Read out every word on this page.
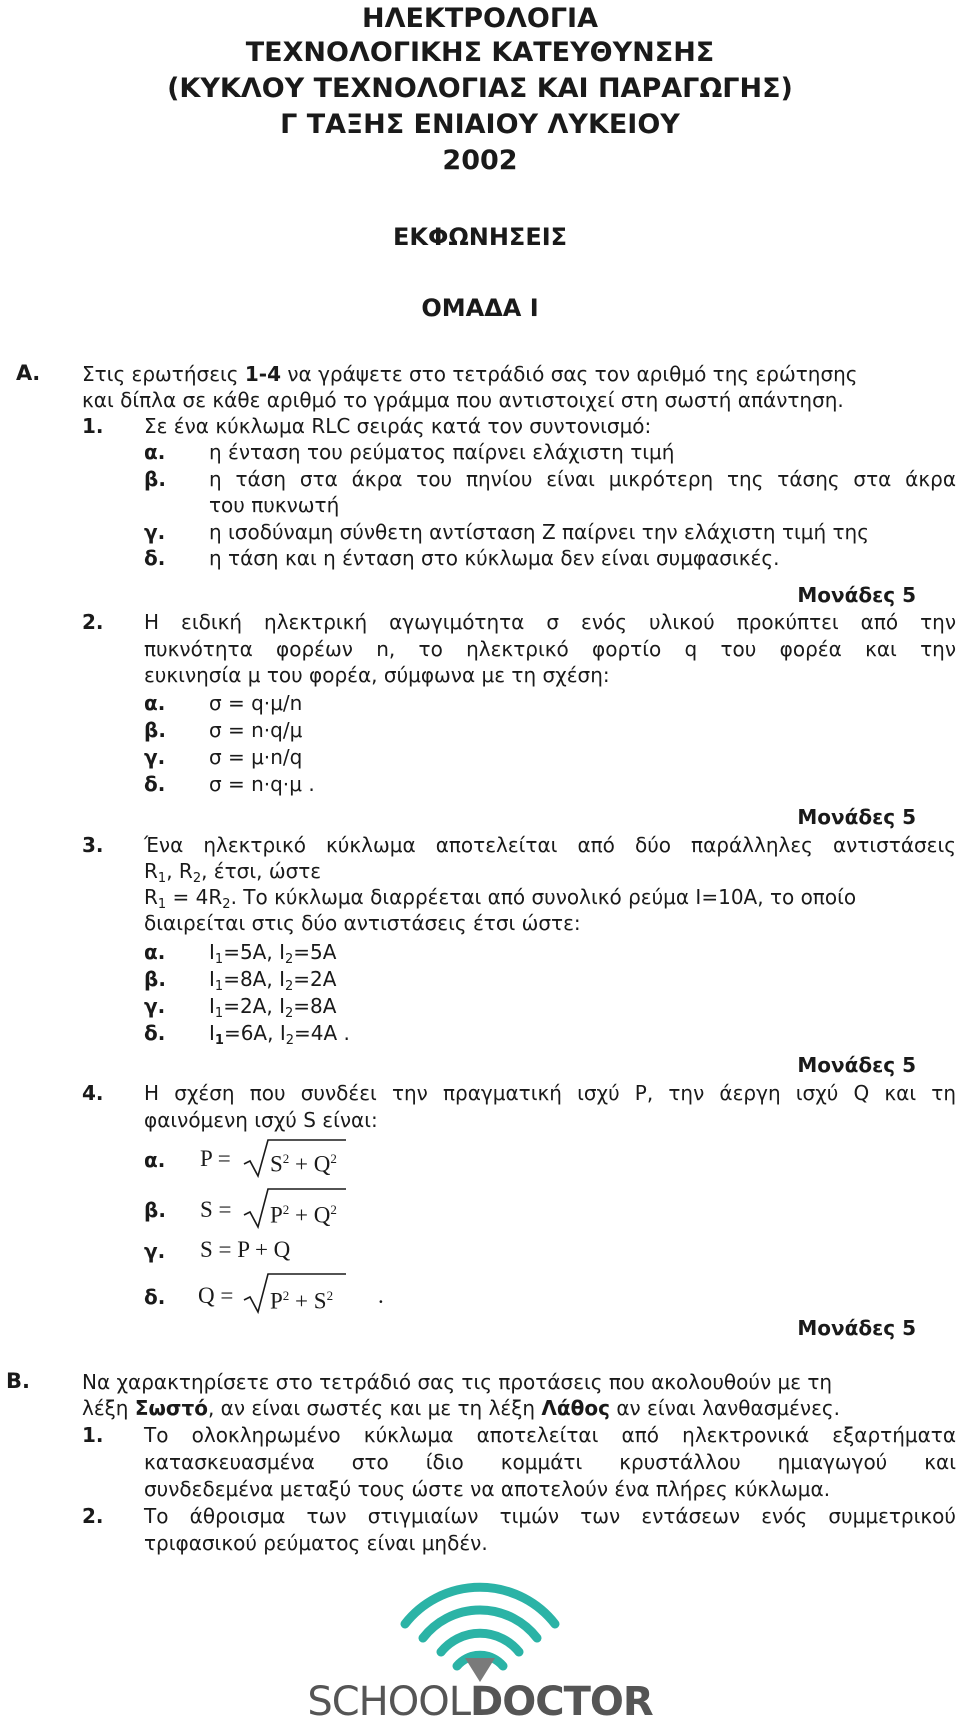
ΗΛΕΚΤΡΟΛΟΓΙΑ
ΤΕΧΝΟΛΟΓΙΚΗΣ ΚΑΤΕΥΘΥΝΣΗΣ
(ΚΥΚΛΟΥ ΤΕΧΝΟΛΟΓΙΑΣ ΚΑΙ ΠΑΡΑΓΩΓΗΣ)
Γ ΤΑΞΗΣ ΕΝΙΑΙΟΥ ΛΥΚΕΙΟΥ
2002
ΕΚΦΩΝΗΣΕΙΣ
ΟΜΑΔΑ Ι
Α. Στις ερωτήσεις 1-4 να γράψετε στο τετράδιό σας τον αριθμό της ερώτησης
και δίπλα σε κάθε αριθμό το γράμμα που αντιστοιχεί στη σωστή απάντηση.
1. Σε ένα κύκλωμα RLC σειράς κατά τον συντονισμό:
α. η ένταση του ρεύματος παίρνει ελάχιστη τιμή
β. η τάση στα άκρα του πηνίου είναι μικρότερη της τάσης στα άκρα
του πυκνωτή
γ. η ισοδύναμη σύνθετη αντίσταση Z παίρνει την ελάχιστη τιμή της
δ. η τάση και η ένταση στο κύκλωμα δεν είναι συμφασικές.
Μονάδες 5
2. Η ειδική ηλεκτρική αγωγιμότητα σ ενός υλικού προκύπτει από την
πυκνότητα φορέων n, το ηλεκτρικό φορτίο q του φορέα και την
ευκινησία μ του φορέα, σύμφωνα με τη σχέση:
α. σ = q⋅μ/n
β. σ = n⋅q/μ
γ. σ = μ⋅n/q
δ. σ = n⋅q⋅μ .
Μονάδες 5
3. Ένα ηλεκτρικό κύκλωμα αποτελείται από δύο παράλληλες αντιστάσεις
$R_1$, $R_2$, έτσι, ώστε
$R_1 = 4R_2$. Το κύκλωμα διαρρέεται από συνολικό ρεύμα Ι=10Α, το οποίο
διαιρείται στις δύο αντιστάσεις έτσι ώστε:
α. $I_1=5A$, $I_2=5A$
β. $I_1=8A$, $I_2=2A$
γ. $I_1=2A$, $I_2=8A$
δ. $I_1=6A$, $I_2=4A$ .
Μονάδες 5
4. Η σχέση που συνδέει την πραγματική ισχύ P, την άεργη ισχύ Q και τη
φαινόμενη ισχύ S είναι:
α. $P = S^2 + Q^2$
β. $S = P^2 + Q^2$
γ. S = P + Q
δ. $Q = P^2 + S^2$ .
Μονάδες 5
Β.	Να χαρακτηρίσετε στο τετράδιό σας τις προτάσεις που ακολουθούν με τη
λέξη Σωστό, αν είναι σωστές και με τη λέξη Λάθος αν είναι λανθασμένες.
1. Το ολοκληρωμένο κύκλωμα αποτελείται από ηλεκτρονικά εξαρτήματα
κατασκευασμένα στο ίδιο κομμάτι κρυστάλλου ημιαγωγού και
συνδεδεμένα μεταξύ τους ώστε να αποτελούν ένα πλήρες κύκλωμα.
2. Το άθροισμα των στιγμιαίων τιμών των εντάσεων ενός συμμετρικού
τριφασικού ρεύματος είναι μηδέν.
SCHOOLDOCTOR
